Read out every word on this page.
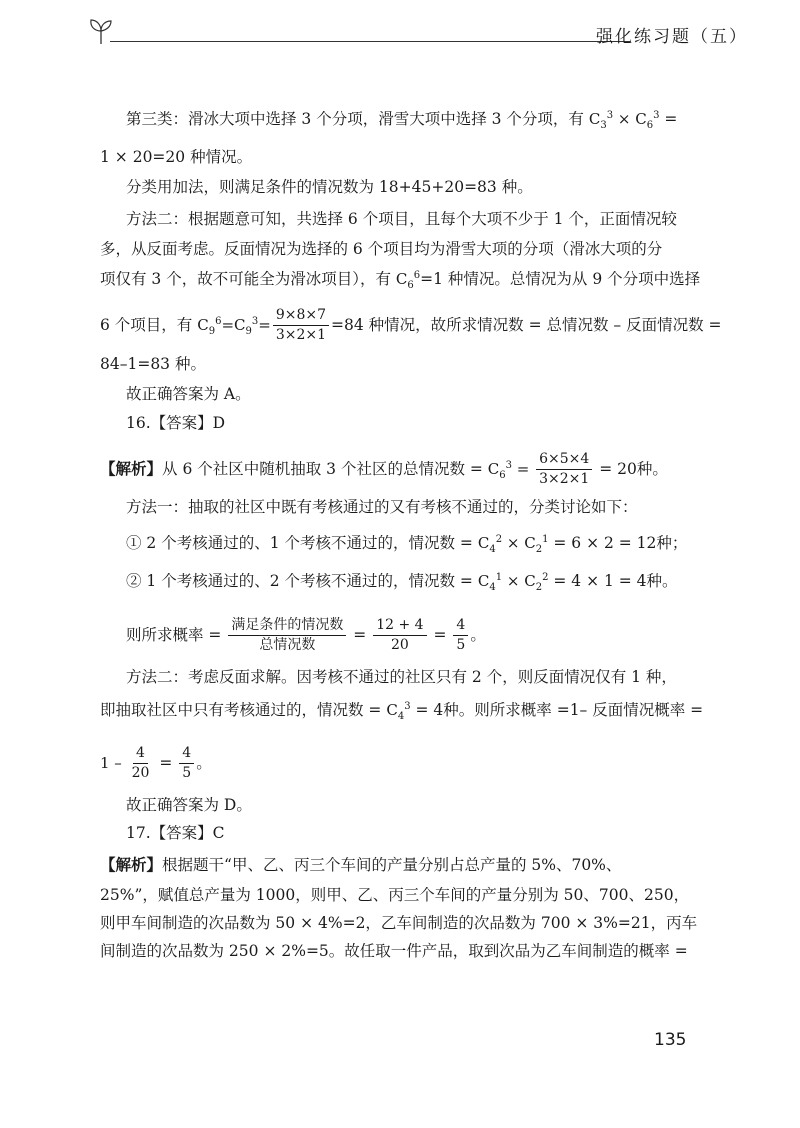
强化练习题（五）
第三类：滑冰大项中选择 3 个分项，滑雪大项中选择 3 个分项，有 $C_3^3 \times C_6^3$ =
1 × 20=20 种情况。
分类用加法，则满足条件的情况数为 18+45+20=83 种。
方法二：根据题意可知，共选择 6 个项目，且每个大项不少于 1 个，正面情况较
多，从反面考虑。反面情况为选择的 6 个项目均为滑雪大项的分项（滑冰大项的分
项仅有 3 个，故不可能全为滑冰项目），有 $C_6^6=1$ 种情况。总情况为从 9 个分项中选择
6 个项目，有 $C_9^6=C_9^3= \frac{9\times 8\times 7}{3\times 2\times 1} =84$ 种情况，故所求情况数 = 总情况数 – 反面情况数 =
84–1=83 种。
故正确答案为 A。
16.【答案】D
【解析】从 6 个社区中随机抽取 3 个社区的总情况数 = $C_6^3 = \frac{6\times 5\times 4}{3\times 2\times 1} = 20$种。
方法一：抽取的社区中既有考核通过的又有考核不通过的，分类讨论如下：
① 2 个考核通过的、1 个考核不通过的，情况数 = $C_4^2 \times C_2^1 = 6 \times 2 = 12$种；
② 1 个考核通过的、2 个考核不通过的，情况数 = $C_4^1 \times C_2^2 = 4 \times 1 = 4$种。
则所求概率 = $\frac{\text{满足条件的情况数}}{\text{总情况数}} = \frac{12 + 4}{20} = \frac{4}{5}$ 。
方法二：考虑反面求解。因考核不通过的社区只有 2 个，则反面情况仅有 1 种，
即抽取社区中只有考核通过的，情况数 = $C_4^3 = 4$种。则所求概率 =1– 反面情况概率 =
$1 - \frac{4}{20} = \frac{4}{5}$ 。
故正确答案为 D。
17.【答案】C
【解析】根据题干“甲、乙、丙三个车间的产量分别占总产量的 5%、70%、
25%”，赋值总产量为 1000，则甲、乙、丙三个车间的产量分别为 50、700、250，
则甲车间制造的次品数为 50 × 4%=2，乙车间制造的次品数为 700 × 3%=21，丙车
间制造的次品数为 250 × 2%=5。故任取一件产品，取到次品为乙车间制造的概率 =
135
